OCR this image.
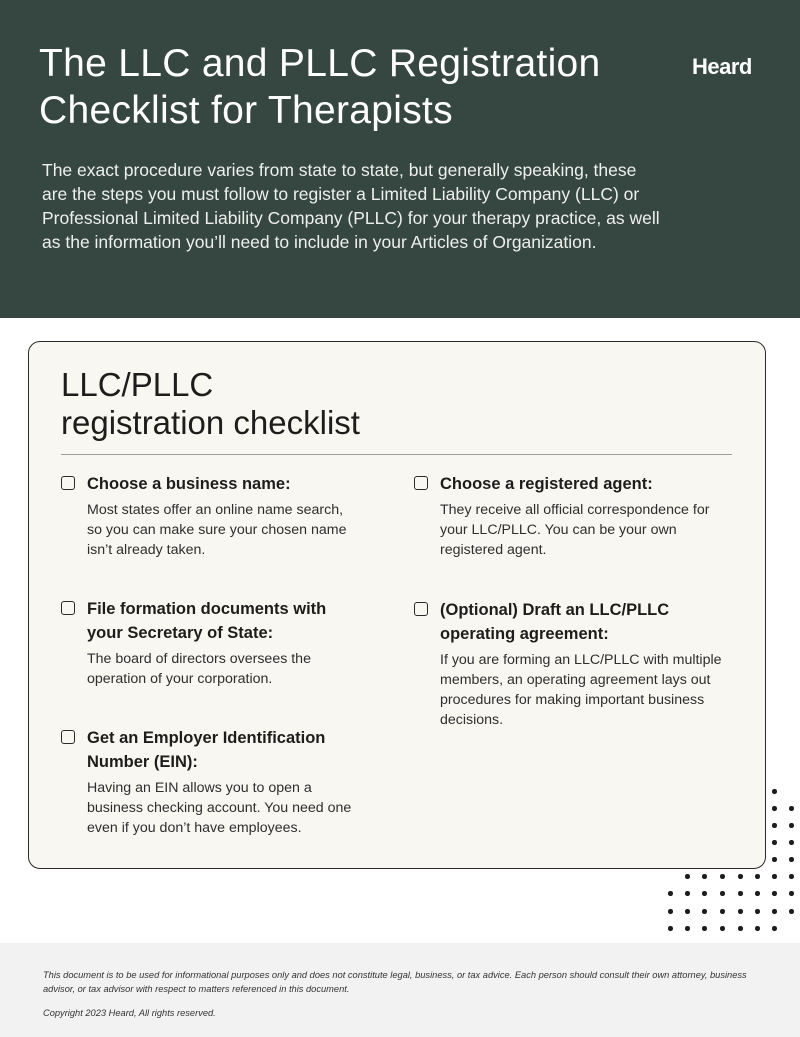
The LLC and PLLC Registration
Checklist for Therapists
Heard

The exact procedure varies from state to state, but generally speaking, these are the steps you must follow to register a Limited Liability Company (LLC) or Professional Limited Liability Company (PLLC) for your therapy practice, as well as the information you’ll need to include in your Articles of Organization.

LLC/PLLC
registration checklist
Choose a business name:
Most states offer an online name search, so you can make sure your chosen name isn’t already taken.
Choose a registered agent:
They receive all official correspondence for your LLC/PLLC. You can be your own registered agent.
File formation documents with your Secretary of State:
The board of directors oversees the operation of your corporation.
(Optional) Draft an LLC/PLLC operating agreement:
If you are forming an LLC/PLLC with multiple members, an operating agreement lays out procedures for making important business decisions.
Get an Employer Identification Number (EIN):
Having an EIN allows you to open a business checking account. You need one even if you don’t have employees.

This document is to be used for informational purposes only and does not constitute legal, business, or tax advice. Each person should consult their own attorney, business advisor, or tax advisor with respect to matters referenced in this document.

Copyright 2023 Heard, All rights reserved.
